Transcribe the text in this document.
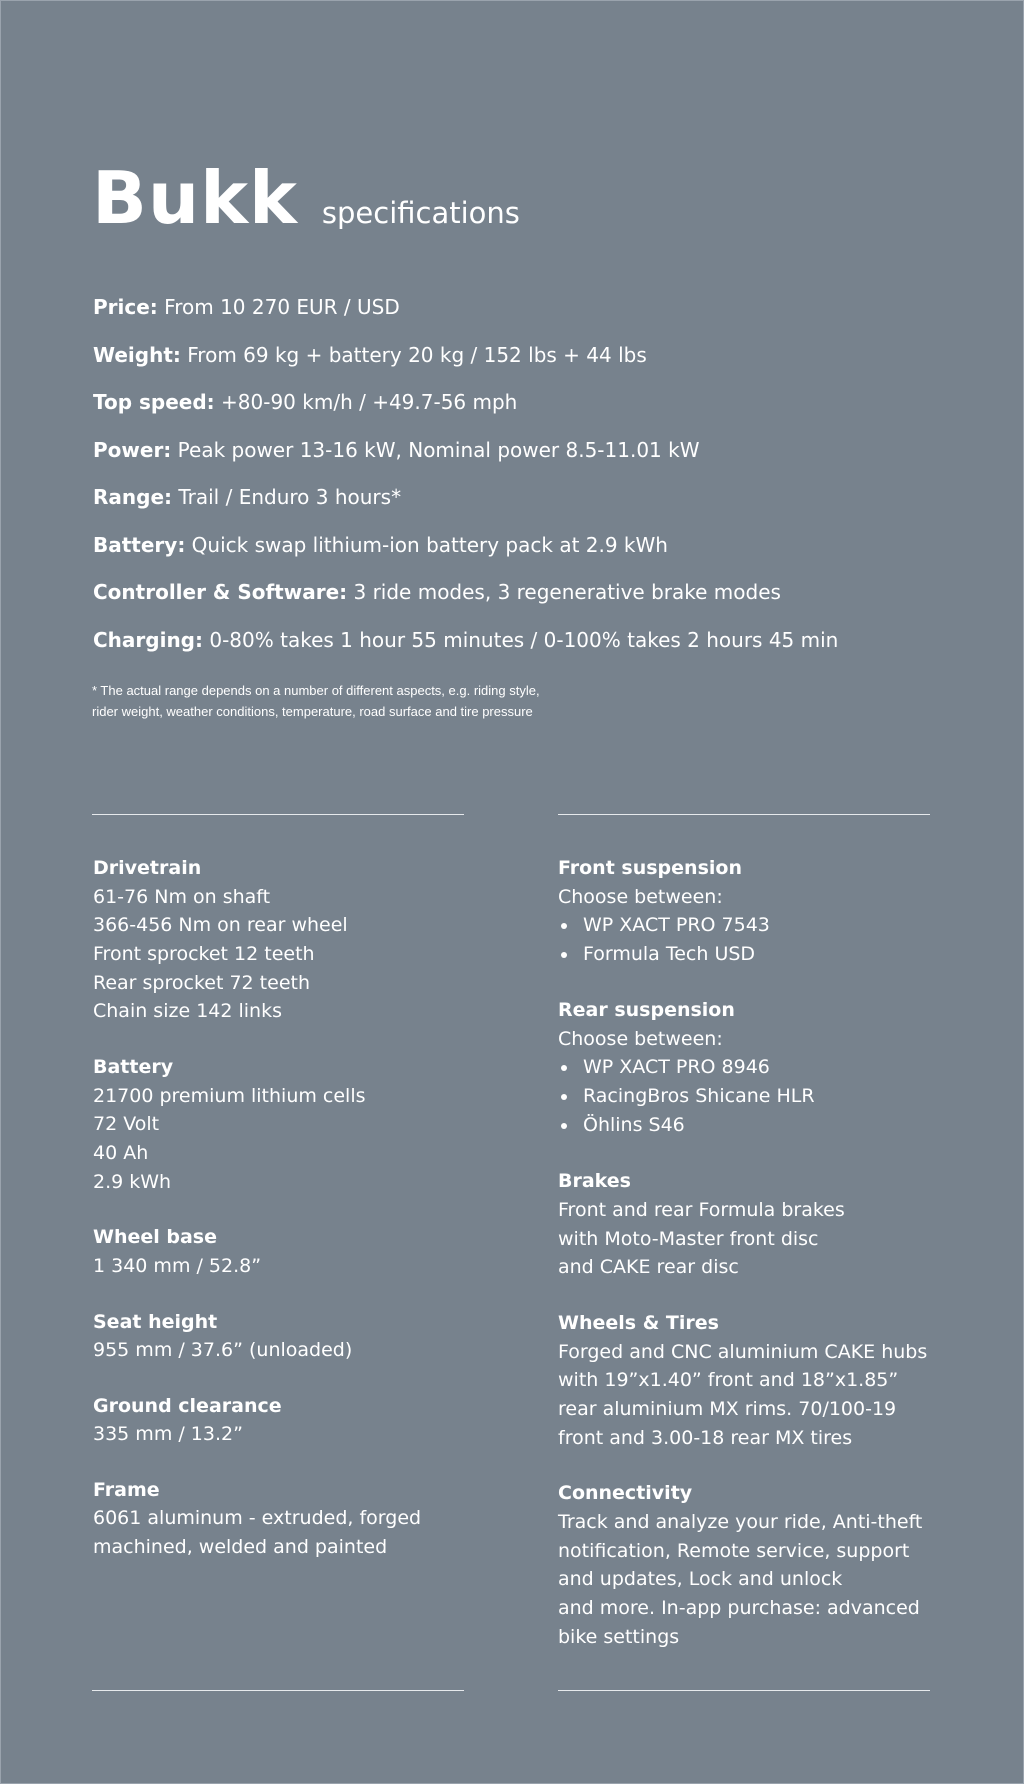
Bukk specifications
Price: From 10 270 EUR / USD
Weight: From 69 kg + battery 20 kg / 152 lbs + 44 lbs
Top speed: +80-90 km/h / +49.7-56 mph
Power: Peak power 13-16 kW, Nominal power 8.5-11.01 kW
Range: Trail / Enduro 3 hours*
Battery: Quick swap lithium-ion battery pack at 2.9 kWh
Controller & Software: 3 ride modes, 3 regenerative brake modes
Charging: 0-80% takes 1 hour 55 minutes / 0-100% takes 2 hours 45 min
* The actual range depends on a number of different aspects, e.g. riding style,
rider weight, weather conditions, temperature, road surface and tire pressure
Drivetrain
61-76 Nm on shaft
366-456 Nm on rear wheel
Front sprocket 12 teeth
Rear sprocket 72 teeth
Chain size 142 links
Battery
21700 premium lithium cells
72 Volt
40 Ah
2.9 kWh
Wheel base
1 340 mm / 52.8”
Seat height
955 mm / 37.6” (unloaded)
Ground clearance
335 mm / 13.2”
Frame
6061 aluminum - extruded, forged
machined, welded and painted
Front suspension
Choose between:
WP XACT PRO 7543
Formula Tech USD
Rear suspension
Choose between:
WP XACT PRO 8946
RacingBros Shicane HLR
Öhlins S46
Brakes
Front and rear Formula brakes
with Moto-Master front disc
and CAKE rear disc
Wheels & Tires
Forged and CNC aluminium CAKE hubs
with 19”x1.40” front and 18”x1.85”
rear aluminium MX rims. 70/100-19
front and 3.00-18 rear MX tires
Connectivity
Track and analyze your ride, Anti-theft
notification, Remote service, support
and updates, Lock and unlock
and more. In-app purchase: advanced
bike settings
